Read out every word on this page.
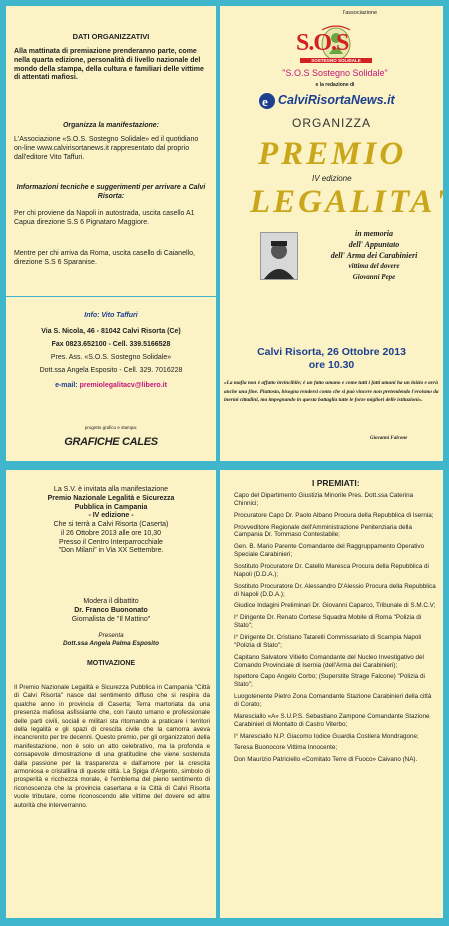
DATI ORGANIZZATIVI

Alla mattinata di premiazione prenderanno parte, come nella quarta edizione, personalità di livello nazionale del mondo della stampa, della cultura e familiari delle vittime di attentati mafiosi.

Organizza la manifestazione:

L'Associazione «S.O.S. Sostegno Solidale» ed il quotidiano on-line www.calvirisortanews.it rappresentato dal proprio dall'editore Vito Taffuri.

Informazioni tecniche e suggerimenti per arrivare a Calvi Risorta:

Per chi proviene da Napoli in autostrada, uscita casello A1 Capua direzione S.S 6 Pignataro Maggiore.

Mentre per chi arriva da Roma, uscita casello di Caianello, direzione S.S 6 Sparanise.

Info: Vito Taffuri

Via S. Nicola, 46 - 81042 Calvi Risorta (Ce)

Fax 0823.652100 - Cell. 339.5166528

Pres. Ass. «S.O.S. Sostegno Solidale»

Dott.ssa Angela Esposito - Cell. 329. 7016228

e-mail: premiolegalitacv@libero.it

progetto grafico e stampa:

GRAFICHE CALES

l'associazione

S.O.S
SOSTEGNO SOLIDALE

"S.O.S Sostegno Solidale"

e la redazione di

e CalviRisortaNews.it

ORGANIZZA

PREMIO

IV edizione

LEGALITA'

in memoria
dell' Appuntato
dell' Arma dei Carabinieri
vittima del dovere
Giovanni Pepe

Calvi Risorta, 26 Ottobre 2013

ore 10.30

«La mafia non è affatto invincibile; è un fatto umano e come tutti i fatti umani ha un inizio e avrà anche una fine. Piuttosto, bisogna rendersi conto che si può vincere non pretendendo l'eroismo da inermi cittadini, ma impegnando in questa battaglia tutte le forze migliori delle istituzioni».

Giovanni Falcone

La S.V. è invitata alla manifestazione
Premio Nazionale Legalità e Sicurezza
Pubblica in Campania
- IV edizione -
Che si terrà a Calvi Risorta (Caserta)
il 26 Ottobre 2013 alle ore 10,30
Presso il Centro Interparrocchiale
"Don Milani" in Via XX Settembre.
Modera il dibattito
Dr. Franco Buononato
Giornalista de "Il Mattino"
Presenta
Dott.ssa Angela Palma Esposito

MOTIVAZIONE

Il Premio Nazionale Legalità e Sicurezza Pubblica in Campania "Città di Calvi Risorta" nasce dal sentimento diffuso che si respira da qualche anno in provincia di Caserta; Terra martoriata da una presenza mafiosa asfissiante che, con l'aiuto umano e professionale delle parti civili, sociali e militari sta ritornando a praticare i territori della legalità e gli spazi di crescita civile che la camorra aveva incancrenito per tre decenni. Questo premio, per gli organizzatori della manifestazione, non è solo un atto celebrativo, ma la profonda e consapevole dimostrazione di una gratitudine che viene sostenuta dalla passione per la trasparenza e dall'amore per la crescita armoniosa e cristallina di queste città. La Spiga d'Argento, simbolo di prosperità e ricchezza morale, è l'emblema del pieno sentimento di riconoscenza che la provincia casertana e la Città di Calvi Risorta vuole tributare, come riconoscendo alle vittime del dovere ed altre autorità che interverranno.

I PREMIATI:

Capo del Dipartimento Giustizia Minorile Pres. Dott.ssa Caterina Chinnici;

Procuratore Capo Dr. Paolo Albano Procura della Repubblica di Isernia;

Provveditore Regionale dell'Amministrazione Penitenziaria della Campania Dr. Tommaso Contestabile;

Gen. B. Mario Parente Comandante del Raggruppamento Operativo Speciale Carabinieri;

Sostituto Procuratore Dr. Catello Maresca Procura della Repubblica di Napoli (D.D.A.);

Sostituto Procuratore Dr. Alessandro D'Alessio Procura della Repubblica di Napoli (D.D.A.);

Giudice Indagini Preliminari Dr. Giovanni Caparco, Tribunale di S.M.C.V;

I° Dirigente Dr. Renato Cortese Squadra Mobile di Roma "Polizia di Stato";

I° Dirigente Dr. Cristiano Tatarelli Commissariato di Scampia Napoli "Polizia di Stato";

Capitano Salvatore Vitiello Comandante del Nucleo Investigativo del Comando Provinciale di Isernia (dell'Arma dei Carabinieri);

Ispettore Capo Angelo Corbo; (Superstite Strage Falcone) "Polizia di Stato";

Luogotenente Pietro Zona Comandante Stazione Carabinieri della città di Corato;

Maresciallo «A» S.U.P.S. Sebastiano Zampone Comandante Stazione Carabinieri di Montalto di Castro Viterbo;

I° Maresciallo N.P. Giacomo Iodice Guardia Costiera Mondragone;

Teresa Buonocore Vittima Innocente;

Don Maurizio Patriciello «Comitato Terre di Fuoco» Caivano (NA).
